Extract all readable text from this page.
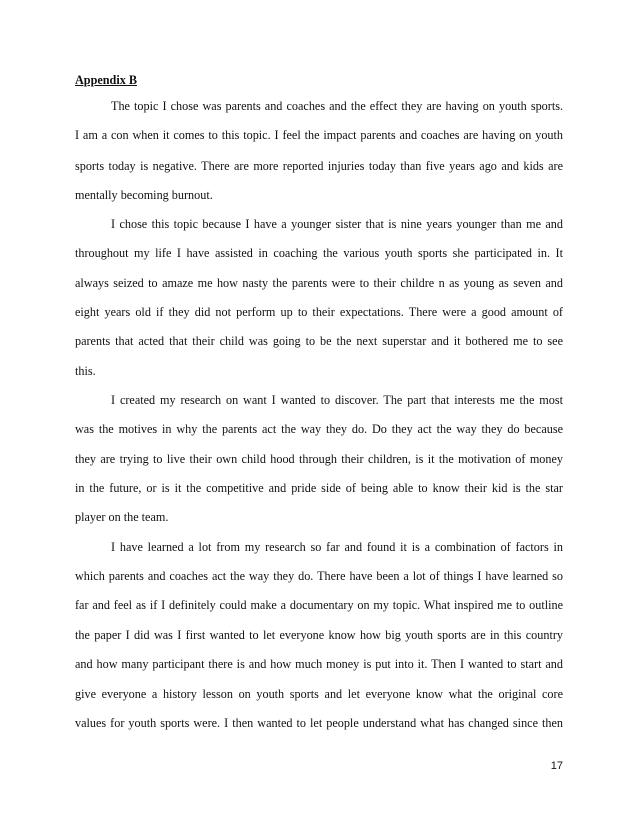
Appendix B
The topic I chose was parents and coaches and the effect they are having on youth sports.
I am a con when it comes to this topic. I feel the impact parents and coaches are having on youth
sports today is negative. There are more reported injuries today than five years ago and kids are
mentally becoming burnout.
I chose this topic because I have a younger sister that is nine years younger than me and
throughout my life I have assisted in coaching the various youth sports she participated in. It
always seized to amaze me how nasty the parents were to their childre n as young as seven and
eight years old if they did not perform up to their expectations. There were a good amount of
parents that acted that their child was going to be the next superstar and it bothered me to see
this.
I created my research on want I wanted to discover. The part that interests me the most
was the motives in why the parents act the way they do. Do they act the way they do because
they are trying to live their own child hood through their children, is it the motivation of money
in the future, or is it the competitive and pride side of being able to know their kid is the star
player on the team.
I have learned a lot from my research so far and found it is a combination of factors in
which parents and coaches act the way they do. There have been a lot of things I have learned so
far and feel as if I definitely could make a documentary on my topic. What inspired me to outline
the paper I did was I first wanted to let everyone know how big youth sports are in this country
and how many participant there is and how much money is put into it. Then I wanted to start and
give everyone a history lesson on youth sports and let everyone know what the original core
values for youth sports were. I then wanted to let people understand what has changed since then
17
